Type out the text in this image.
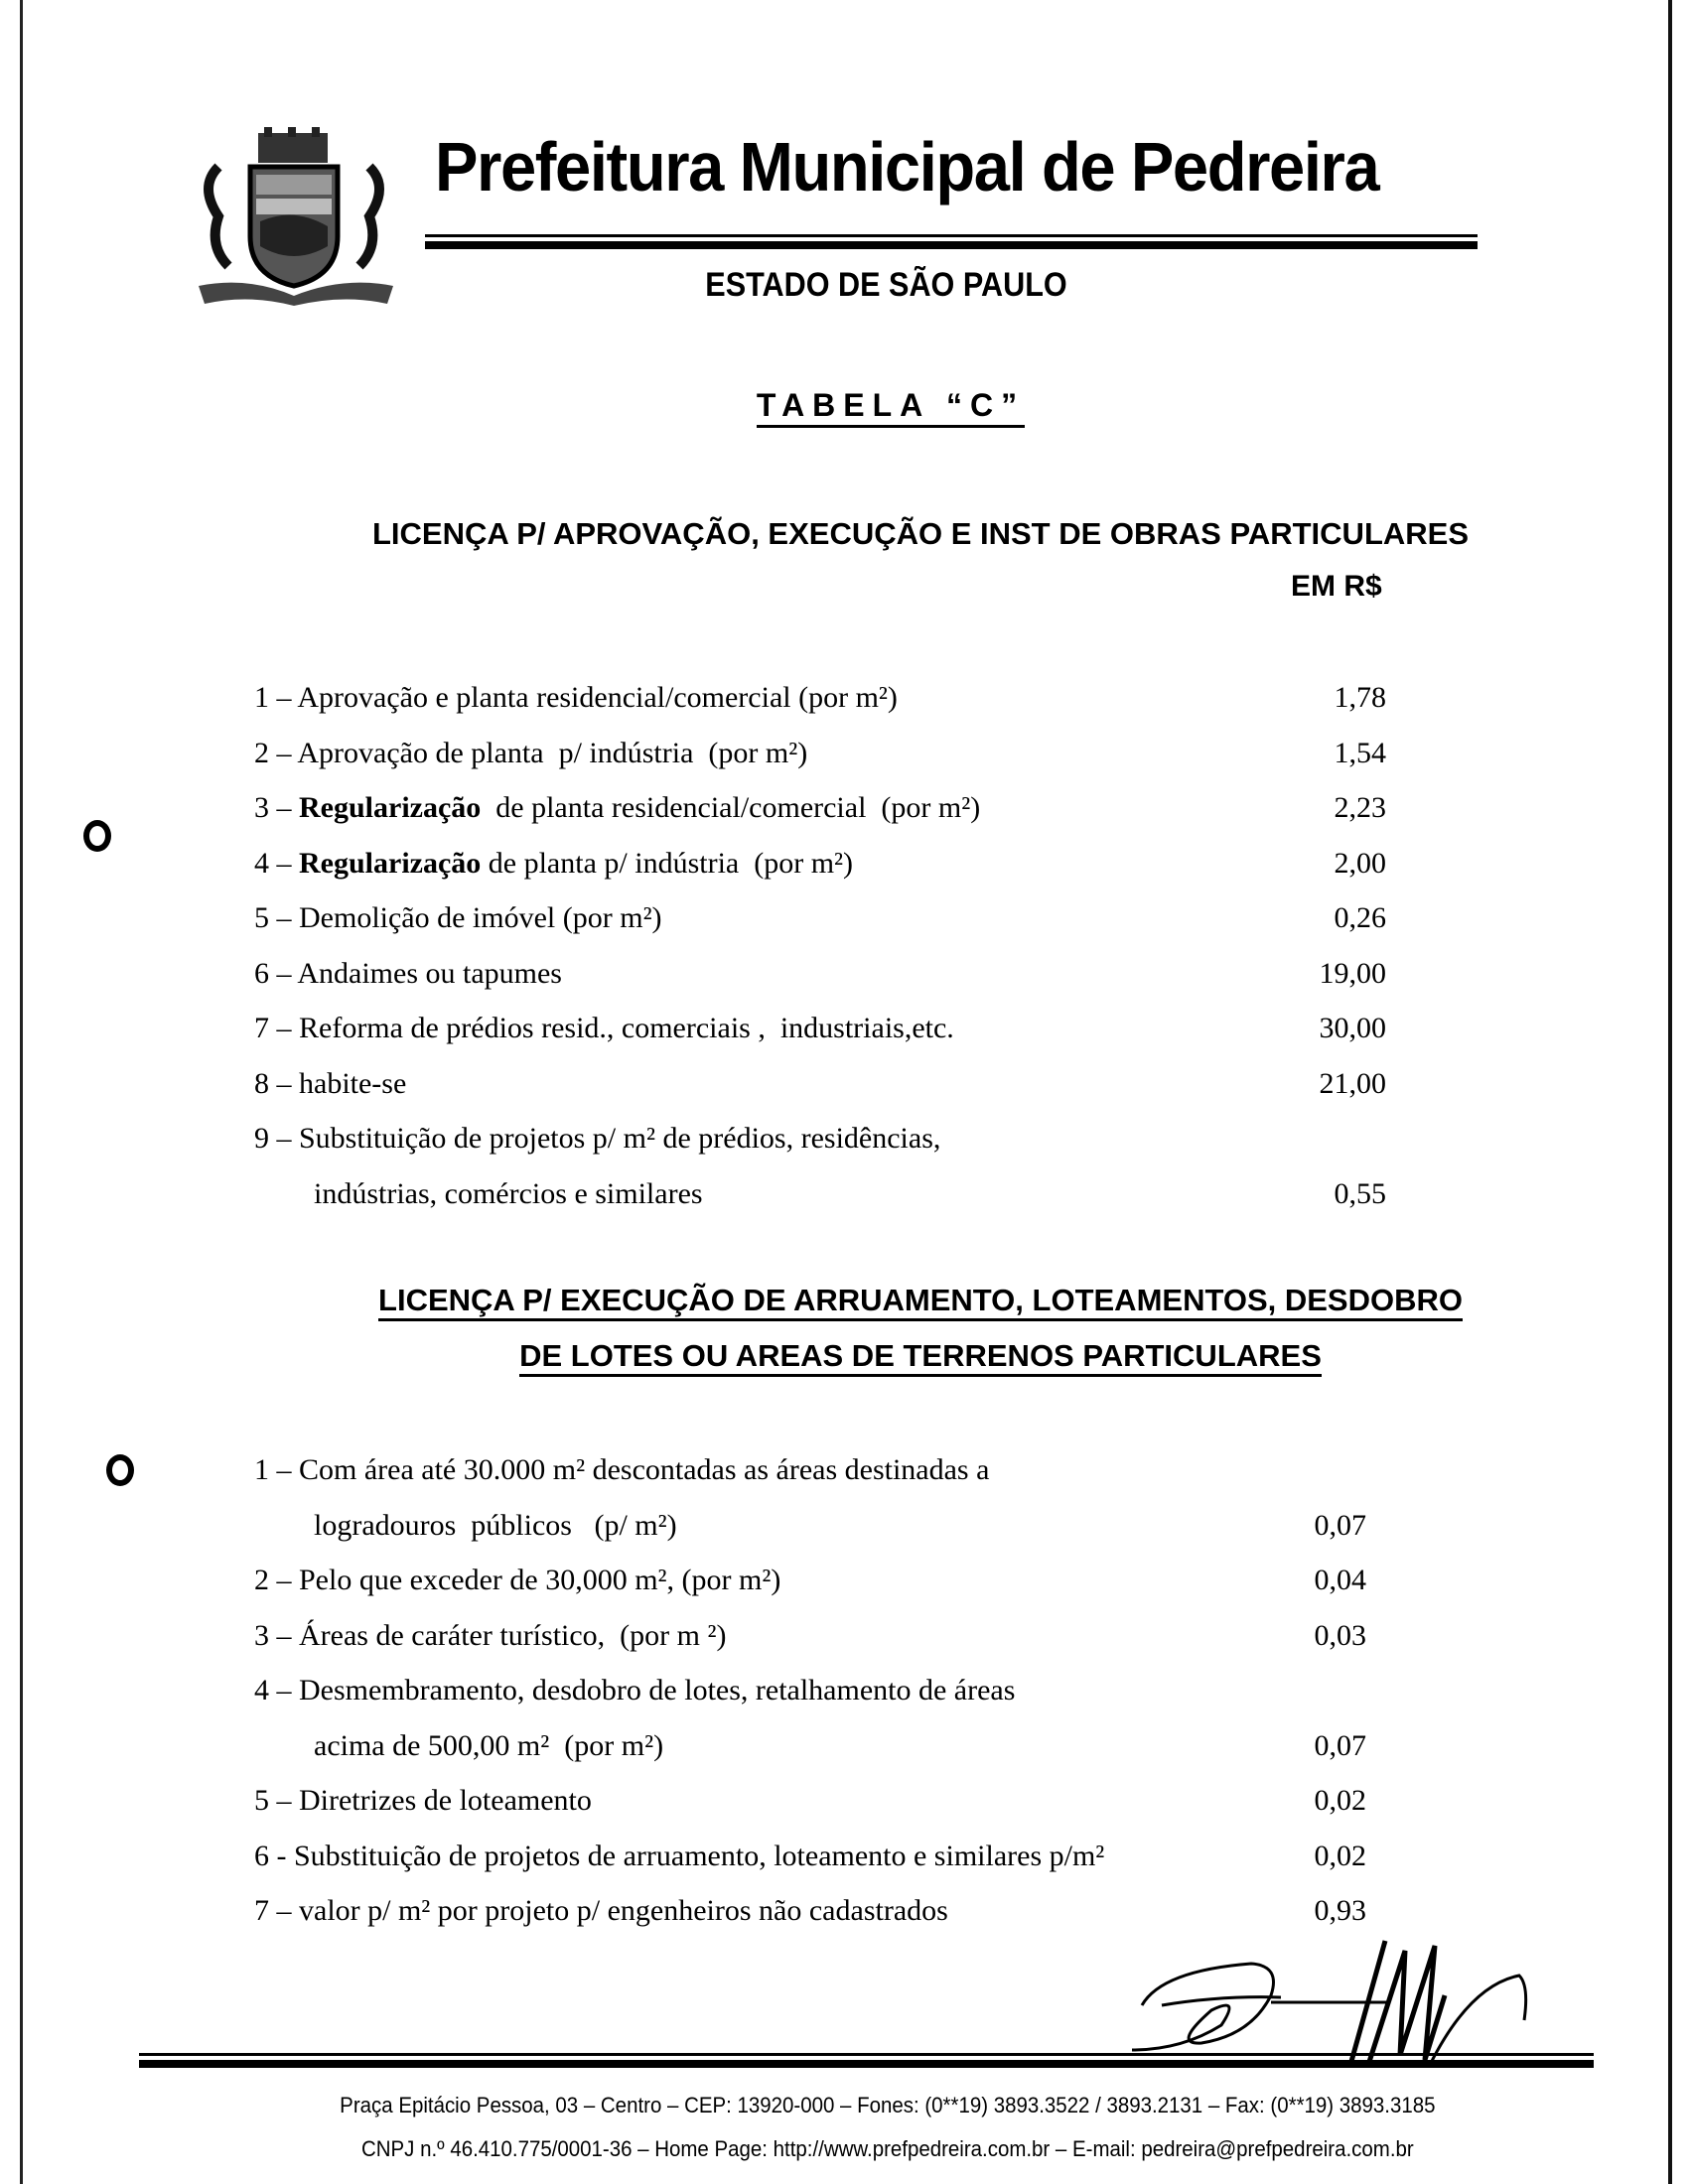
Prefeitura Municipal de Pedreira
ESTADO DE SÃO PAULO
TABELA “C”
LICENÇA P/ APROVAÇÃO, EXECUÇÃO E INST DE OBRAS PARTICULARES
EM R$
1 – Aprovação e planta residencial/comercial (por m²)	1,78
2 – Aprovação de planta  p/ indústria  (por m²)	1,54
3 – Regularização  de planta residencial/comercial  (por m²)	2,23
4 – Regularização de planta p/ indústria  (por m²)	2,00
5 – Demolição de imóvel (por m²)	0,26
6 – Andaimes ou tapumes	19,00
7 – Reforma de prédios resid., comerciais ,  industriais,etc.	30,00
8 – habite-se	21,00
9 – Substituição de projetos p/ m² de prédios, residências,
indústrias, comércios e similares	0,55
LICENÇA P/ EXECUÇÃO DE ARRUAMENTO, LOTEAMENTOS, DESDOBRO
DE LOTES OU AREAS DE TERRENOS PARTICULARES
1 – Com área até 30.000 m² descontadas as áreas destinadas a
logradouros  públicos   (p/ m²)	0,07
2 – Pelo que exceder de 30,000 m², (por m²)	0,04
3 – Áreas de caráter turístico,  (por m ²)	0,03
4 – Desmembramento, desdobro de lotes, retalhamento de áreas
acima de 500,00 m²  (por m²)	0,07
5 – Diretrizes de loteamento	0,02
6 - Substituição de projetos de arruamento, loteamento e similares p/m²	0,02
7 – valor p/ m² por projeto p/ engenheiros não cadastrados	0,93
Praça Epitácio Pessoa, 03 – Centro – CEP: 13920-000 – Fones: (0**19) 3893.3522 / 3893.2131 – Fax: (0**19) 3893.3185
CNPJ n.º 46.410.775/0001-36 – Home Page: http://www.prefpedreira.com.br – E-mail: pedreira@prefpedreira.com.br
